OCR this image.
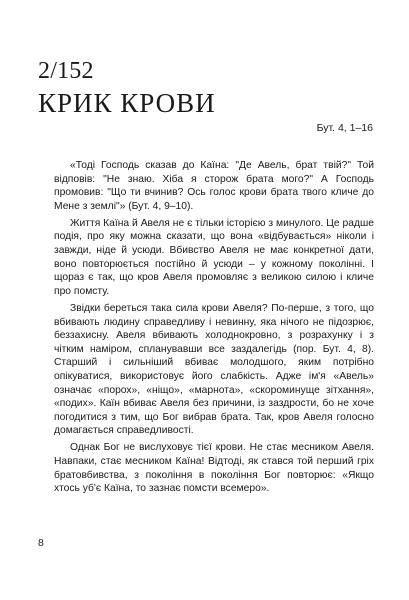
2/152
КРИК КРОВИ
Бут. 4, 1–16

«Тоді Господь сказав до Каїна: "Де Авель, брат твій?" Той відповів: "Не знаю. Хіба я сторож брата мого?" А Господь промовив: "Що ти вчинив? Ось голос крови брата твого кличе до Мене з землі"» (Бут. 4, 9–10).

Життя Каїна й Авеля не є тільки історією з минулого. Це радше подія, про яку можна сказати, що вона «відбувається» ніколи і завжди, ніде й усюди. Вбивство Авеля не має конкретної дати, воно повторюється постійно й усюди – у кожному поколінні. І щораз є так, що кров Авеля промовляє з великою силою і кличе про помсту.

Звідки береться така сила крови Авеля? По-перше, з того, що вбивають людину справедливу і невинну, яка нічого не підозрює, беззахисну. Авеля вбивають холоднокровно, з розрахунку і з чітким наміром, спланувавши все заздалегідь (пор. Бут. 4, 8). Старший і сильніший вбиває молодшого, яким потрібно опікуватися, використовує його слабкість. Адже ім'я «Авель» означає «порох», «ніщо», «марнота», «скороминуще зітхання», «подих». Каїн вбиває Авеля без причини, із заздрости, бо не хоче погодитися з тим, що Бог вибрав брата. Так, кров Авеля голосно домагається справедливості.

Однак Бог не вислуховує тієї крови. Не стає месником Авеля. Навпаки, стає месником Каїна! Відтоді, як стався той перший гріх братовбивства, з покоління в покоління Бог повторює: «Якщо хтось уб'є Каїна, то зазнає помсти всемеро».

8
